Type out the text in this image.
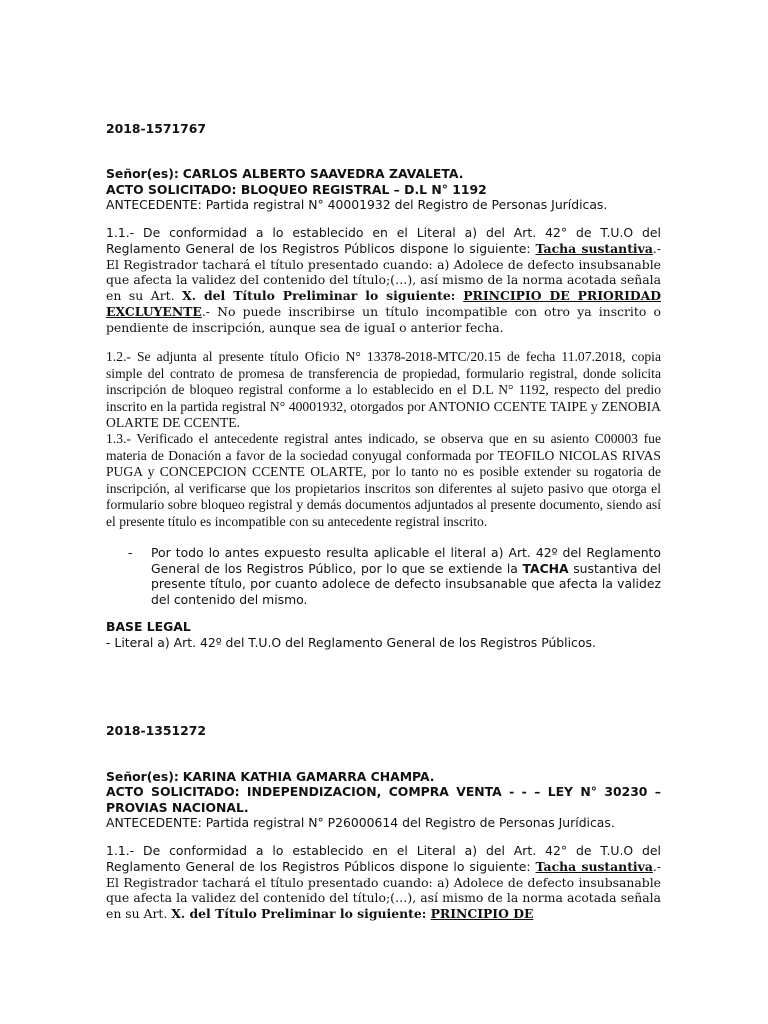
2018-1571767
Señor(es): CARLOS ALBERTO SAAVEDRA ZAVALETA.
ACTO SOLICITADO: BLOQUEO REGISTRAL – D.L N° 1192
ANTECEDENTE: Partida registral N° 40001932 del Registro de Personas Jurídicas.

1.1.- De conformidad a lo establecido en el Literal a) del Art. 42° de T.U.O del Reglamento General de los Registros Públicos dispone lo siguiente: Tacha sustantiva.- El Registrador tachará el título presentado cuando: a) Adolece de defecto insubsanable que afecta la validez del contenido del título;(…), así mismo de la norma acotada señala en su Art. X. del Título Preliminar lo siguiente: PRINCIPIO DE PRIORIDAD EXCLUYENTE.- No puede inscribirse un título incompatible con otro ya inscrito o pendiente de inscripción, aunque sea de igual o anterior fecha.

1.2.- Se adjunta al presente título Oficio N° 13378-2018-MTC/20.15 de fecha 11.07.2018, copia simple del contrato de promesa de transferencia de propiedad, formulario registral, donde solicita inscripción de bloqueo registral conforme a lo establecido en el D.L N° 1192, respecto del predio inscrito en la partida registral N° 40001932, otorgados por ANTONIO CCENTE TAIPE y ZENOBIA OLARTE DE CCENTE.

1.3.- Verificado el antecedente registral antes indicado, se observa que en su asiento C00003 fue materia de Donación a favor de la sociedad conyugal conformada por TEOFILO NICOLAS RIVAS PUGA y CONCEPCION CCENTE OLARTE, por lo tanto no es posible extender su rogatoria de inscripción, al verificarse que los propietarios inscritos son diferentes al sujeto pasivo que otorga el formulario sobre bloqueo registral y demás documentos adjuntados al presente documento, siendo así el presente título es incompatible con su antecedente registral inscrito.

- Por todo lo antes expuesto resulta aplicable el literal a) Art. 42º del Reglamento General de los Registros Público, por lo que se extiende la TACHA sustantiva del presente título, por cuanto adolece de defecto insubsanable que afecta la validez del contenido del mismo.

BASE LEGAL
- Literal a) Art. 42º del T.U.O del Reglamento General de los Registros Públicos.
2018-1351272
Señor(es): KARINA KATHIA GAMARRA CHAMPA.

ACTO SOLICITADO: INDEPENDIZACION, COMPRA VENTA - - – LEY N° 30230 – PROVIAS NACIONAL.

ANTECEDENTE: Partida registral N° P26000614 del Registro de Personas Jurídicas.

1.1.- De conformidad a lo establecido en el Literal a) del Art. 42° de T.U.O del Reglamento General de los Registros Públicos dispone lo siguiente: Tacha sustantiva.- El Registrador tachará el título presentado cuando: a) Adolece de defecto insubsanable que afecta la validez del contenido del título;(…), así mismo de la norma acotada señala en su Art. X. del Título Preliminar lo siguiente: PRINCIPIO DE
